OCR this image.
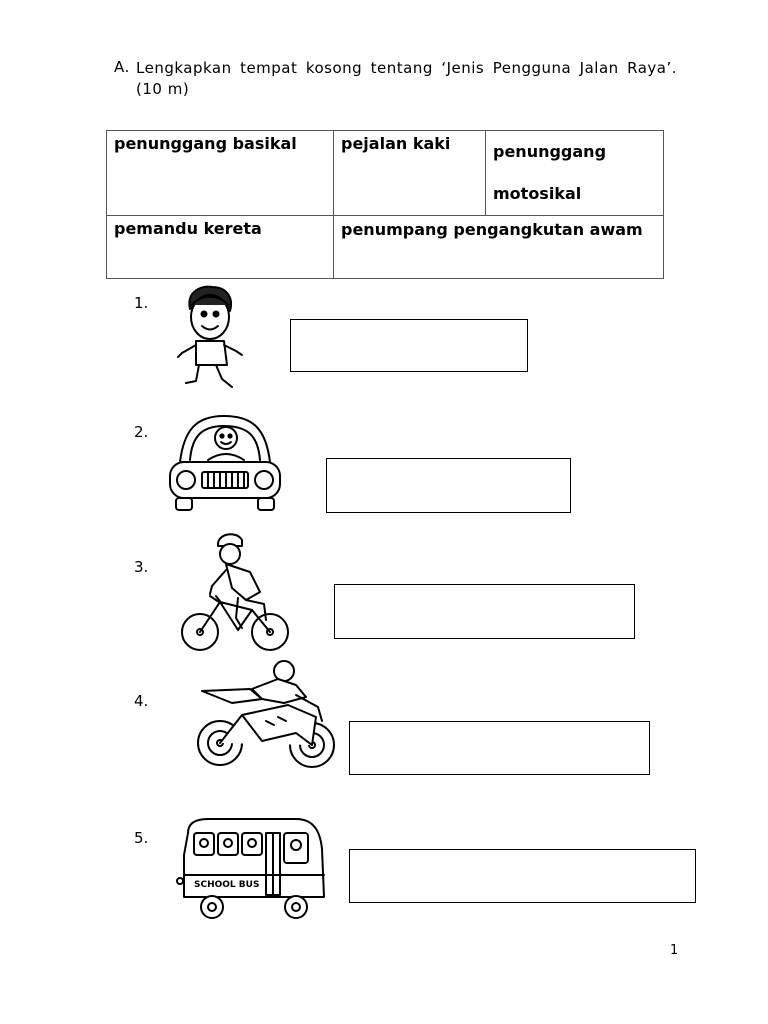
A. Lengkapkan tempat kosong tentang ‘Jenis Pengguna Jalan Raya’. (10 m)
penunggang basikal	pejalan kaki	penunggang motosikal

pemandu kereta	penumpang pengangkutan awam	
1.
2.
3.
4.
5.
SCHOOL BUS
1
